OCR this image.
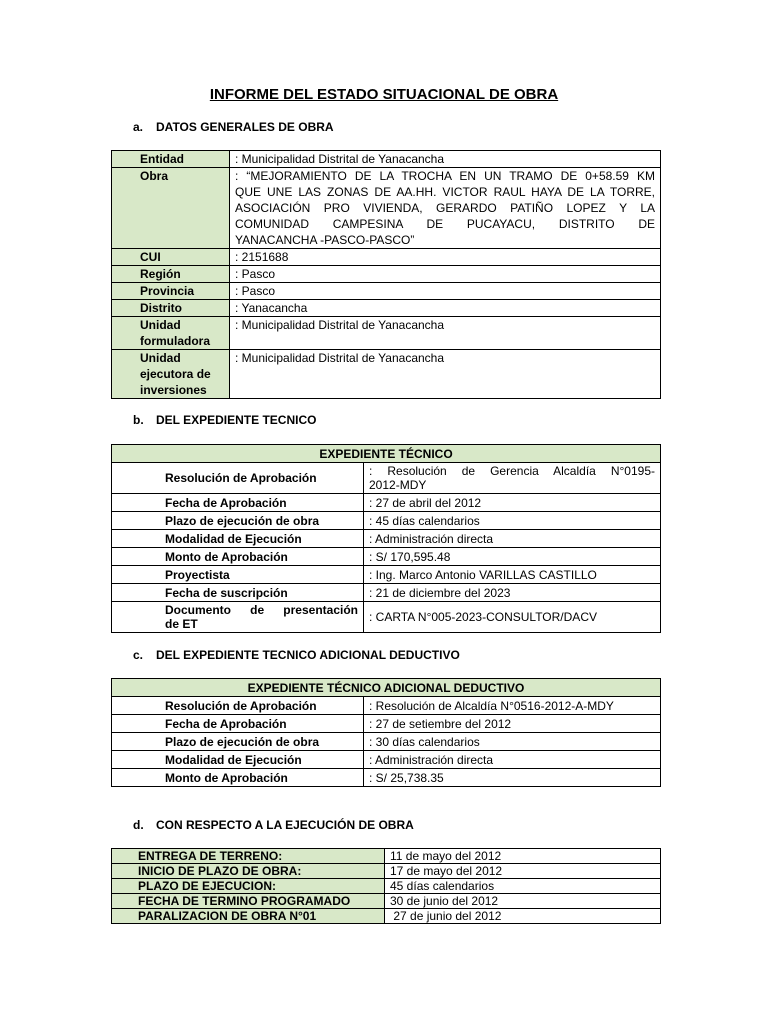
INFORME DEL ESTADO SITUACIONAL DE OBRA

a. DATOS GENERALES DE OBRA

Entidad	: Municipalidad Distrital de Yanacancha
Obra	: “MEJORAMIENTO DE LA TROCHA EN UN TRAMO DE 0+58.59 KM
QUE UNE LAS ZONAS DE AA.HH. VICTOR RAUL HAYA DE LA TORRE,
ASOCIACIÓN PRO VIVIENDA, GERARDO PATIÑO LOPEZ Y LA
COMUNIDAD CAMPESINA DE PUCAYACU, DISTRITO DE
YANACANCHA -PASCO-PASCO”

CUI	: 2151688
Región	: Pasco
Provincia	: Pasco
Distrito	: Yanacancha

Unidad
formuladora	: Municipalidad Distrital de Yanacancha

Unidad
ejecutora de
inversiones	: Municipalidad Distrital de Yanacancha

b. DEL EXPEDIENTE TECNICO

EXPEDIENTE TÉCNICO	
Resolución de Aprobación	: Resolución de Gerencia Alcaldía N°0195-
2012-MDY

Fecha de Aprobación	: 27 de abril del 2012
Plazo de ejecución de obra	: 45 días calendarios
Modalidad de Ejecución	: Administración directa
Monto de Aprobación	: S/ 170,595.48
Proyectista	: Ing. Marco Antonio VARILLAS CASTILLO
Fecha de suscripción	: 21 de diciembre del 2023

Documento de presentación
de ET	: CARTA N°005-2023-CONSULTOR/DACV

c. DEL EXPEDIENTE TECNICO ADICIONAL DEDUCTIVO

EXPEDIENTE TÉCNICO ADICIONAL DEDUCTIVO	
Resolución de Aprobación	: Resolución de Alcaldía N°0516-2012-A-MDY
Fecha de Aprobación	: 27 de setiembre del 2012
Plazo de ejecución de obra	: 30 días calendarios
Modalidad de Ejecución	: Administración directa
Monto de Aprobación	: S/ 25,738.35

d. CON RESPECTO A LA EJECUCIÓN DE OBRA

ENTREGA DE TERRENO:	11 de mayo del 2012
INICIO DE PLAZO DE OBRA:	17 de mayo del 2012
PLAZO DE EJECUCION:	45 días calendarios
FECHA DE TERMINO PROGRAMADO	30 de junio del 2012
PARALIZACION DE OBRA N°01	27 de junio del 2012
